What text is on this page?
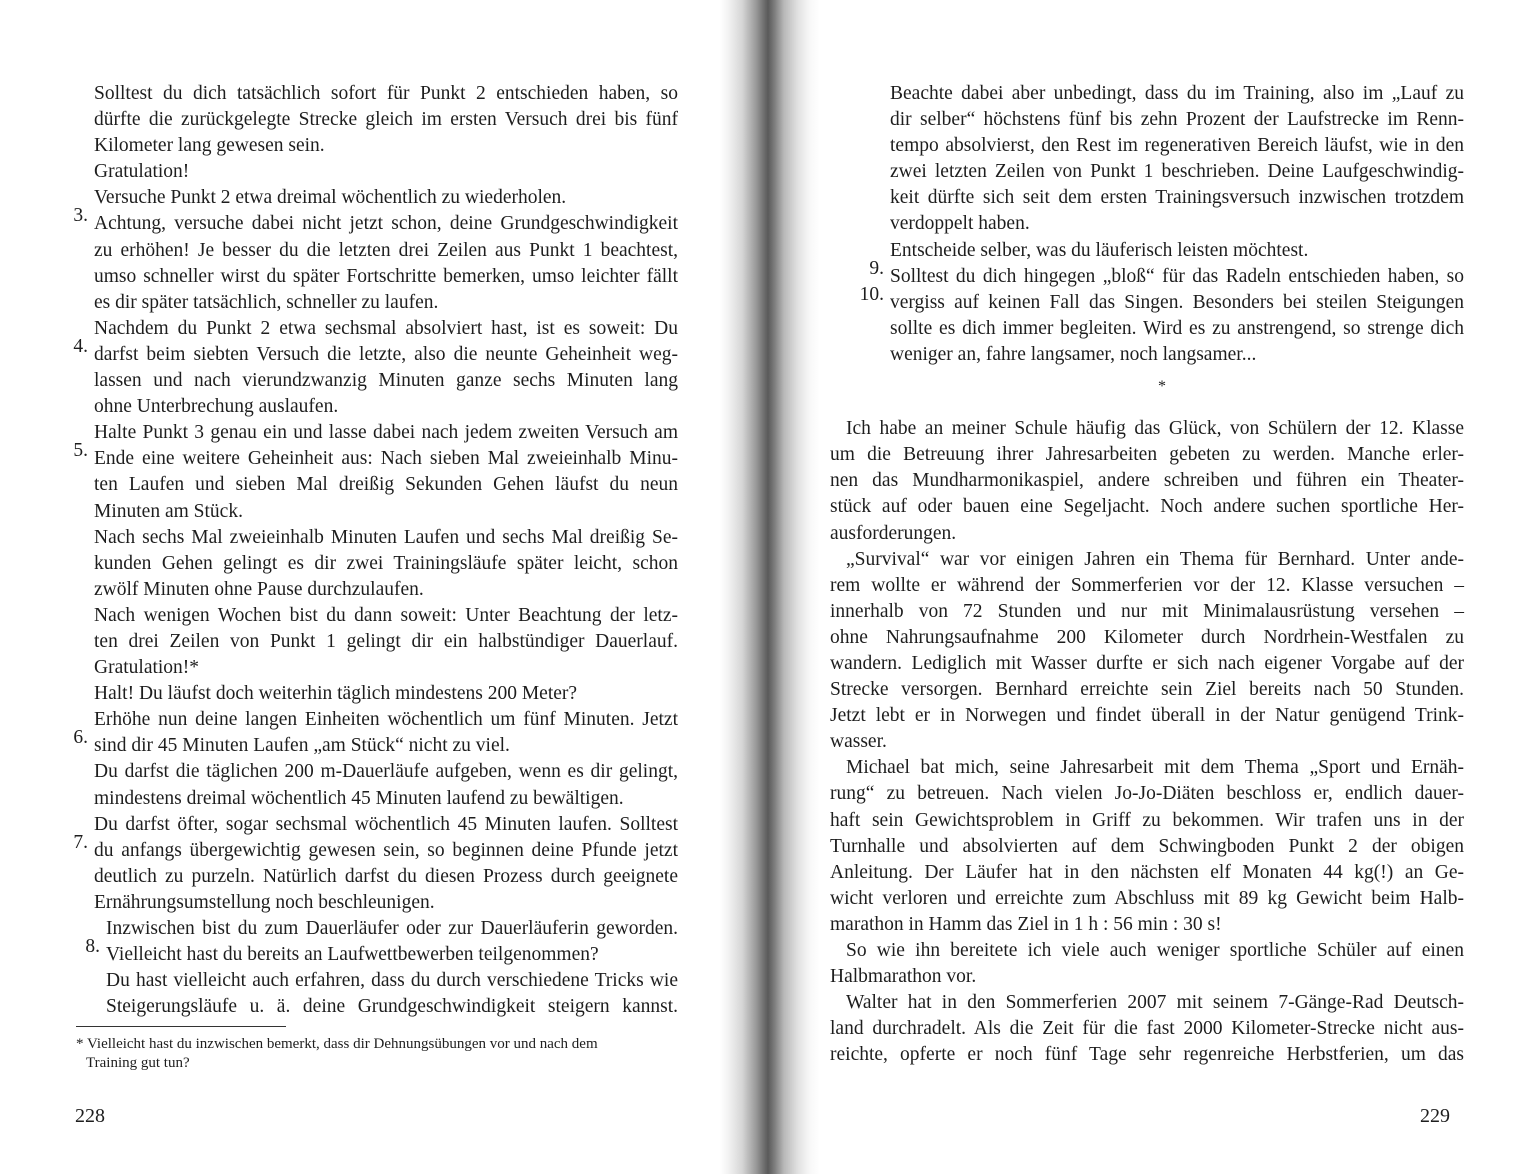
Solltest du dich tatsächlich sofort für Punkt 2 entschieden haben, so
dürfte die zurückgelegte Strecke gleich im ersten Versuch drei bis fünf
Kilometer lang gewesen sein.
Gratulation!
3.
Versuche Punkt 2 etwa dreimal wöchentlich zu wiederholen.
Achtung, versuche dabei nicht jetzt schon, deine Grundgeschwindigkeit
zu erhöhen! Je besser du die letzten drei Zeilen aus Punkt 1 beachtest,
umso schneller wirst du später Fortschritte bemerken, umso leichter fällt
es dir später tatsächlich, schneller zu laufen.
4.
Nachdem du Punkt 2 etwa sechsmal absolviert hast, ist es soweit: Du
darfst beim siebten Versuch die letzte, also die neunte Geheinheit weg-
lassen und nach vierundzwanzig Minuten ganze sechs Minuten lang
ohne Unterbrechung auslaufen.
5.
Halte Punkt 3 genau ein und lasse dabei nach jedem zweiten Versuch am
Ende eine weitere Geheinheit aus: Nach sieben Mal zweieinhalb Minu-
ten Laufen und sieben Mal dreißig Sekunden Gehen läufst du neun
Minuten am Stück.
Nach sechs Mal zweieinhalb Minuten Laufen und sechs Mal dreißig Se-
kunden Gehen gelingt es dir zwei Trainingsläufe später leicht, schon
zwölf Minuten ohne Pause durchzulaufen.
Nach wenigen Wochen bist du dann soweit: Unter Beachtung der letz-
ten drei Zeilen von Punkt 1 gelingt dir ein halbstündiger Dauerlauf.
Gratulation!*
Halt! Du läufst doch weiterhin täglich mindestens 200 Meter?
6.
Erhöhe nun deine langen Einheiten wöchentlich um fünf Minuten. Jetzt
sind dir 45 Minuten Laufen „am Stück“ nicht zu viel.
Du darfst die täglichen 200 m-Dauerläufe aufgeben, wenn es dir gelingt,
mindestens dreimal wöchentlich 45 Minuten laufend zu bewältigen.
7.
Du darfst öfter, sogar sechsmal wöchentlich 45 Minuten laufen. Solltest
du anfangs übergewichtig gewesen sein, so beginnen deine Pfunde jetzt
deutlich zu purzeln. Natürlich darfst du diesen Prozess durch geeignete
Ernährungsumstellung noch beschleunigen.
8.
Inzwischen bist du zum Dauerläufer oder zur Dauerläuferin geworden.
Vielleicht hast du bereits an Laufwettbewerben teilgenommen?
Du hast vielleicht auch erfahren, dass du durch verschiedene Tricks wie
Steigerungsläufe u. ä. deine Grundgeschwindigkeit steigern kannst.
* Vielleicht hast du inzwischen bemerkt, dass dir Dehnungsübungen vor und nach dem
Training gut tun?
228
Beachte dabei aber unbedingt, dass du im Training, also im „Lauf zu
dir selber“ höchstens fünf bis zehn Prozent der Laufstrecke im Renn-
tempo absolvierst, den Rest im regenerativen Bereich läufst, wie in den
zwei letzten Zeilen von Punkt 1 beschrieben. Deine Laufgeschwindig-
keit dürfte sich seit dem ersten Trainingsversuch inzwischen trotzdem
verdoppelt haben.
9.
Entscheide selber, was du läuferisch leisten möchtest.
10.
Solltest du dich hingegen „bloß“ für das Radeln entschieden haben, so
vergiss auf keinen Fall das Singen. Besonders bei steilen Steigungen
sollte es dich immer begleiten. Wird es zu anstrengend, so strenge dich
weniger an, fahre langsamer, noch langsamer...
*
Ich habe an meiner Schule häufig das Glück, von Schülern der 12. Klasse
um die Betreuung ihrer Jahresarbeiten gebeten zu werden. Manche erler-
nen das Mundharmonikaspiel, andere schreiben und führen ein Theater-
stück auf oder bauen eine Segeljacht. Noch andere suchen sportliche Her-
ausforderungen.
„Survival“ war vor einigen Jahren ein Thema für Bernhard. Unter ande-
rem wollte er während der Sommerferien vor der 12. Klasse versuchen –
innerhalb von 72 Stunden und nur mit Minimalausrüstung versehen –
ohne Nahrungsaufnahme 200 Kilometer durch Nordrhein-Westfalen zu
wandern. Lediglich mit Wasser durfte er sich nach eigener Vorgabe auf der
Strecke versorgen. Bernhard erreichte sein Ziel bereits nach 50 Stunden.
Jetzt lebt er in Norwegen und findet überall in der Natur genügend Trink-
wasser.
Michael bat mich, seine Jahresarbeit mit dem Thema „Sport und Ernäh-
rung“ zu betreuen. Nach vielen Jo-Jo-Diäten beschloss er, endlich dauer-
haft sein Gewichtsproblem in Griff zu bekommen. Wir trafen uns in der
Turnhalle und absolvierten auf dem Schwingboden Punkt 2 der obigen
Anleitung. Der Läufer hat in den nächsten elf Monaten 44 kg(!) an Ge-
wicht verloren und erreichte zum Abschluss mit 89 kg Gewicht beim Halb-
marathon in Hamm das Ziel in 1 h : 56 min : 30 s!
So wie ihn bereitete ich viele auch weniger sportliche Schüler auf einen
Halbmarathon vor.
Walter hat in den Sommerferien 2007 mit seinem 7-Gänge-Rad Deutsch-
land durchradelt. Als die Zeit für die fast 2000 Kilometer-Strecke nicht aus-
reichte, opferte er noch fünf Tage sehr regenreiche Herbstferien, um das
229
